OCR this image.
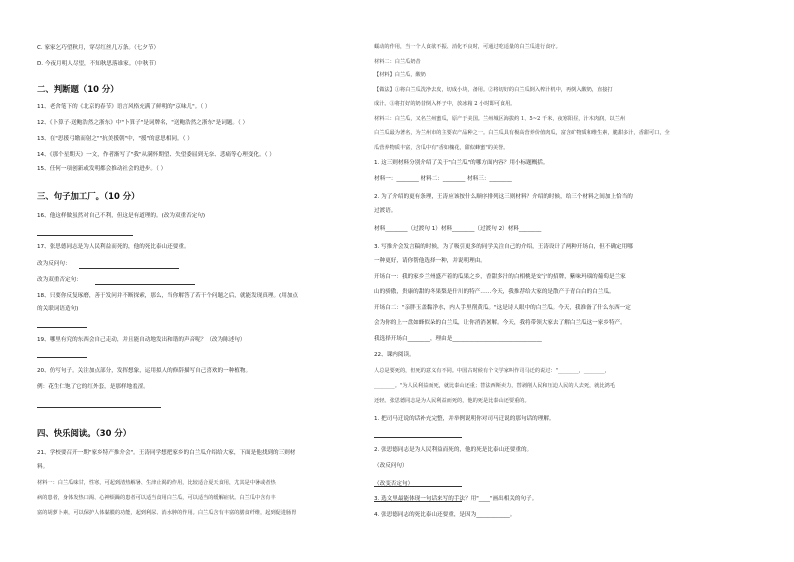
C. 家家乞巧望秋月，穿尽红丝几万条。（七夕节）
D. 今夜月明人尽望，不知秋思落谁家。（中秋节）
二、判断题（10 分）
11、老舍笔下的《北京的春节》语言风格充满了鲜明的"京味儿"。（ ）
12、《卜算子·送鲍浩然之浙东》中"卜算子"是词牌名，"送鲍浩然之浙东"是词题。（ ）
13、在"思援弓缴而射之""抗美援朝"中，"援"的意思相同。（ ）
14、《那个星期天》一文，作者渐写了"我"从满怀期望、失望委屈到无奈、悲痛等心理变化。（ ）
15、任何一项创新或发明都会推动社会的进步。（ ）
三、句子加工厂。（10 分）
16、他这样做虽然对自己不利，但这是有道理的。(改为双重否定句)
17、张思德同志是为人民利益而死的，他的死比泰山还要重。
改为反问句：
改为双重否定句：
18、只要你反复琢磨，善于发问并不断探索，那么，当你解答了若干个问题之后，就能发现真理。(用加点
的关联词语造句)
19、哪里有究的东西会自己走动，并且能自动地发出和谐的声音呢？（改为陈述句）
20、仿写句子。关注加点部分，发挥想象，运用拟人的修辞描写自己喜欢的一种植物。
例：花生仁饱了它的红外套，是那样地羞涩。
四、快乐阅读。（30 分）
21、学校要召开一期"家乡特产推介会"。王涛同学想把家乡的白兰瓜介绍给大家，下面是他找到的三则材
料。
材料一：白兰瓜味甘，性寒，可起到清热解暑、生津止渴的作用，比较适合夏天食用，尤其是中暑或者热
病的患者，身体发热口渴、心神烦躁的患者可以适当食用白兰瓜，可以适当的缓解症状。白兰瓜中含有丰
富的胡萝卜素，可以保护人体黏膜的功能，起到利尿、消水肿的作用。白兰瓜含有丰富的膳食纤维，起到促进肠胃
蠕动的作用，当一个人食欲不振、消化不良时，可通过吃适量的白兰瓜进行食疗。
材料二：白兰瓜奶昔
【材料】白兰瓜，酸奶
【做法】①将白兰瓜洗净去皮，切成小块，备用。②将切好的白兰瓜倒入榨汁机中，再倒入酸奶，直接打
成汁。③将打好的奶昔倒入杯子中，放冰箱 2 小时即可食用。
材料三：白兰瓜，又名兰州蜜瓜，原产于美国。兰州城区海拔约 1、5~2 千米，夜寒阳昼，汁木肉润，以兰州
白兰瓜最为著名，为兰州市的主要农产品种之一。白兰瓜具有极高营养价值肉瓜，富含矿物质和维生素，脆甜多汁，香甜可口，全
瓜营养物质丰富，含瓜中有"香如槐花，甜似蜂蜜"的美誉。
1. 这三则材料分别介绍了关于"白兰瓜"的哪方面内容？用小标题概括。
材料一：________ 材料二：________ 材料三：________
2. 为了介绍的更有条理，王涛应该按什么顺序排列这三则材料？介绍的时候，给三个材料之间加上恰当的
过渡语。
材料________（过渡句 1）材料________（过渡句 2）材料________
3. 写推介会发言稿的时候，为了吸引更多的同学关注自己的介绍，王涛设计了两种开场白，但不确定用哪
一种更好，请你帮他选择一种，并说明理由。
开场白一：我的家乡兰州盛产着的瓜果之乡，香甜多汁的白相桃是安宁的招牌，紫味玛瑙的葡萄是兰家
山的骄傲，贵康的甜的冬果梨是什川的特产……今天，我推荐给大家的是散产于青白白的白兰瓜。
开场白二："亲胖玉盖黏净水，内人手里削黄瓜。"这是诗人眼中的白兰瓜。今天，我准备了什么东西一定
会为你的上一盘如蜂似朵的白兰瓜，让你消消暑解。今天，我将带领大家去了解白兰瓜这一家乡特产。
我选择开场白________，理由是________________________________
22、课内阅读。
人总是要死的，但死的意义有不同。中国古时候有个文学家叫作司马迁的说过："________，________，
________。"为人民利益而死，就比泰山还重；替法西斯卖力，替剥削人民和压迫人民的人去死，就比鸿毛
还轻。张思德同志是为人民利益而死的，他的死是比泰山还要重的。
1. 把司马迁说的话补充完整，并举例说明你对司马迁说的那句话的理解。
2. 张思德同志是为人民利益而死的，他的死是比泰山还要重的。
（改反问句）
（改变否定句）
3. 选文里最能体现一句话来写的手法？用"____"画出相关的句子。
4. 张思德同志的死比泰山还要重，是因为____________。
